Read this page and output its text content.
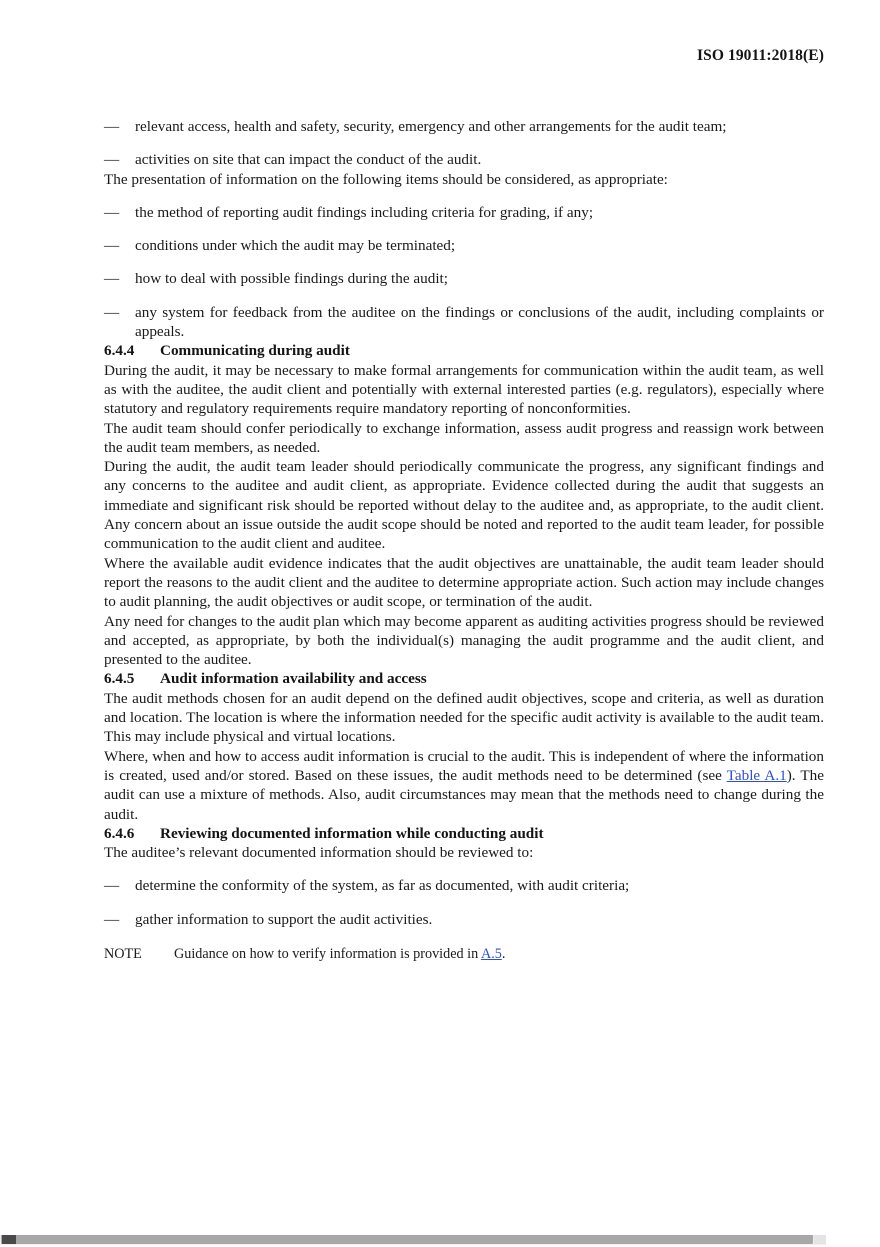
ISO 19011:2018(E)
—	relevant access, health and safety, security, emergency and other arrangements for the audit team;
—	activities on site that can impact the conduct of the audit.

The presentation of information on the following items should be considered, as appropriate:

—	the method of reporting audit findings including criteria for grading, if any;
—	conditions under which the audit may be terminated;
—	how to deal with possible findings during the audit;
—	any system for feedback from the auditee on the findings or conclusions of the audit, including complaints or appeals.
6.4.4	Communicating during audit

During the audit, it may be necessary to make formal arrangements for communication within the audit team, as well as with the auditee, the audit client and potentially with external interested parties (e.g. regulators), especially where statutory and regulatory requirements require mandatory reporting of nonconformities.

The audit team should confer periodically to exchange information, assess audit progress and reassign work between the audit team members, as needed.

During the audit, the audit team leader should periodically communicate the progress, any significant findings and any concerns to the auditee and audit client, as appropriate. Evidence collected during the audit that suggests an immediate and significant risk should be reported without delay to the auditee and, as appropriate, to the audit client. Any concern about an issue outside the audit scope should be noted and reported to the audit team leader, for possible communication to the audit client and auditee.

Where the available audit evidence indicates that the audit objectives are unattainable, the audit team leader should report the reasons to the audit client and the auditee to determine appropriate action. Such action may include changes to audit planning, the audit objectives or audit scope, or termination of the audit.

Any need for changes to the audit plan which may become apparent as auditing activities progress should be reviewed and accepted, as appropriate, by both the individual(s) managing the audit programme and the audit client, and presented to the auditee.

6.4.5	Audit information availability and access

The audit methods chosen for an audit depend on the defined audit objectives, scope and criteria, as well as duration and location. The location is where the information needed for the specific audit activity is available to the audit team. This may include physical and virtual locations.

Where, when and how to access audit information is crucial to the audit. This is independent of where the information is created, used and/or stored. Based on these issues, the audit methods need to be determined (see Table A.1). The audit can use a mixture of methods. Also, audit circumstances may mean that the methods need to change during the audit.

6.4.6	Reviewing documented information while conducting audit

The auditee’s relevant documented information should be reviewed to:

—	determine the conformity of the system, as far as documented, with audit criteria;
—	gather information to support the audit activities.
NOTE	Guidance on how to verify information is provided in A.5.
